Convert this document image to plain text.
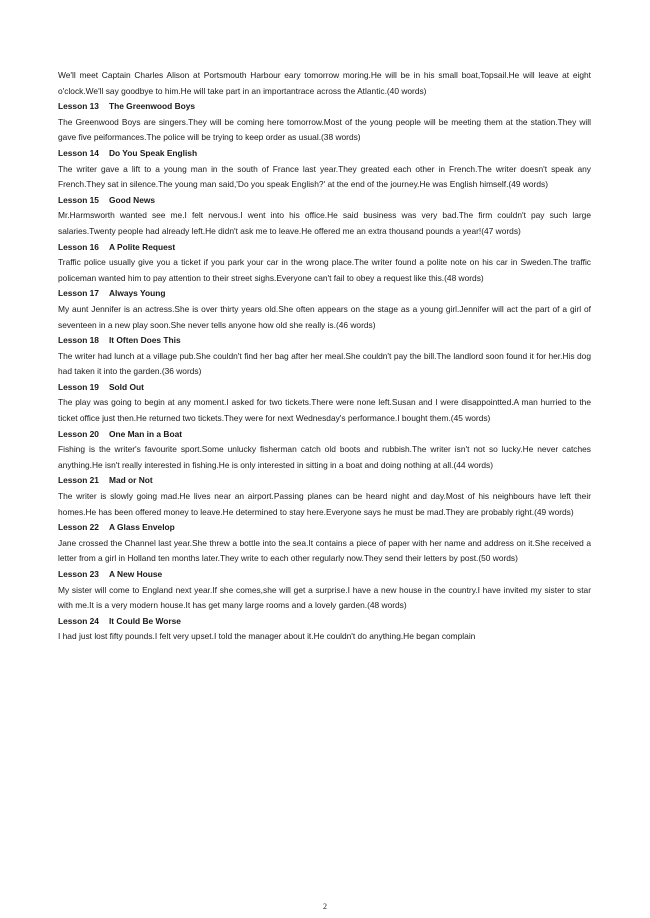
We'll meet Captain Charles Alison at Portsmouth Harbour eary tomorrow moring.He will be in his small boat,Topsail.He will leave at eight o'clock.We'll say goodbye to him.He will take part in an importantrace across the Atlantic.(40 words)

Lesson 13 The Greenwood Boys

The Greenwood Boys are singers.They will be coming here tomorrow.Most of the young people will be meeting them at the station.They will gave five peiformances.The police will be trying to keep order as usual.(38 words)

Lesson 14 Do You Speak English

The writer gave a lift to a young man in the south of France last year.They greated each other in French.The writer doesn't speak any French.They sat in silence.The young man said,'Do you speak English?' at the end of the journey.He was English himself.(49 words)

Lesson 15 Good News

Mr.Harmsworth wanted see me.I felt nervous.I went into his office.He said business was very bad.The firm couldn't pay such large salaries.Twenty people had already left.He didn't ask me to leave.He offered me an extra thousand pounds a year!(47 words)

Lesson 16 A Polite Request

Traffic police usually give you a ticket if you park your car in the wrong place.The writer found a polite note on his car in Sweden.The traffic policeman wanted him to pay attention to their street sighs.Everyone can't fail to obey a request like this.(48 words)

Lesson 17 Always Young

My aunt Jennifer is an actress.She is over thirty years old.She often appears on the stage as a young girl.Jennifer will act the part of a girl of seventeen in a new play soon.She never tells anyone how old she really is.(46 words)

Lesson 18 It Often Does This

The writer had lunch at a village pub.She couldn't find her bag after her meal.She couldn't pay the bill.The landlord soon found it for her.His dog had taken it into the garden.(36 words)

Lesson 19 Sold Out

The play was going to begin at any moment.I asked for two tickets.There were none left.Susan and I were disappointted.A man hurried to the ticket office just then.He returned two tickets.They were for next Wednesday's performance.I bought them.(45 words)

Lesson 20 One Man in a Boat

Fishing is the writer's favourite sport.Some unlucky fisherman catch old boots and rubbish.The writer isn't not so lucky.He never catches anything.He isn't really interested in fishing.He is only interested in sitting in a boat and doing nothing at all.(44 words)

Lesson 21 Mad or Not

The writer is slowly going mad.He lives near an airport.Passing planes can be heard night and day.Most of his neighbours have left their homes.He has been offered money to leave.He determined to stay here.Everyone says he must be mad.They are probably right.(49 words)

Lesson 22 A Glass Envelop

Jane crossed the Channel last year.She threw a bottle into the sea.It contains a piece of paper with her name and address on it.She received a letter from a girl in Holland ten months later.They write to each other regularly now.They send their letters by post.(50 words)

Lesson 23 A New House

My sister will come to England next year.If she comes,she will get a surprise.I have a new house in the country.I have invited my sister to star with me.It is a very modern house.It has get many large rooms and a lovely garden.(48 words)

Lesson 24 It Could Be Worse

I had just lost fifty pounds.I felt very upset.I told the manager about it.He couldn't do anything.He began complain

2
